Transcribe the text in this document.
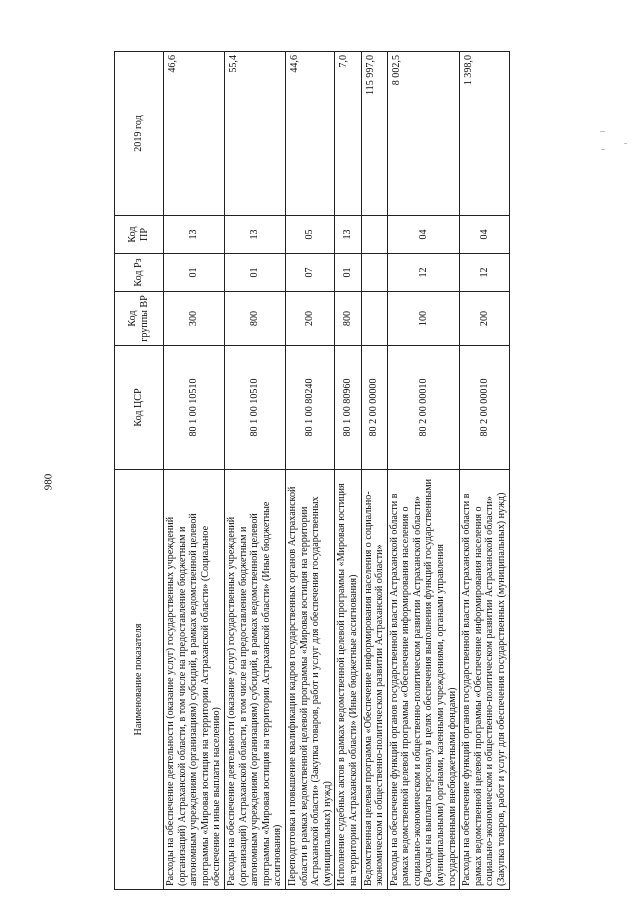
980
Наименование показателя	Код ЦСР	Код группы ВР	Код Рз	Код ПР	2019 год
Расходы на обеспечение деятельности (оказание услуг) государственных учреждений (организаций) Астраханской области, в том числе на предоставление бюджетным и автономным учреждениям (организациям) субсидий, в рамках ведомственной целевой программы «Мировая юстиция на территории Астраханской области» (Социальное обеспечение и иные выплаты населению)	80 1 00 10510	300	01	13	46,6
Расходы на обеспечение деятельности (оказание услуг) государственных учреждений (организаций) Астраханской области, в том числе на предоставление бюджетным и автономным учреждениям (организациям) субсидий, в рамках ведомственной целевой программы «Мировая юстиция на территории Астраханской области» (Иные бюджетные ассигнования)	80 1 00 10510	800	01	13	55,4
Переподготовка и повышение квалификации кадров государственных органов Астраханской области в рамках ведомственной целевой программы «Мировая юстиция на территории Астраханской области» (Закупка товаров, работ и услуг для обеспечения государственных (муниципальных) нужд)	80 1 00 80240	200	07	05	44,6
Исполнение судебных актов в рамках ведомственной целевой программы «Мировая юстиция на территории Астраханской области» (Иные бюджетные ассигнования)	80 1 00 80960	800	01	13	7,0
Ведомственная целевая программа «Обеспечение информирования населения о социально-экономическом и общественно-политическом развитии Астраханской области»	80 2 00 00000				115 997,0
Расходы на обеспечение функций органов государственной власти Астраханской области в рамках ведомственной целевой программы «Обеспечение информирования населения о социально-экономическом и общественно-политическом развитии Астраханской области» (Расходы на выплаты персоналу в целях обеспечения выполнения функций государственными (муниципальными) органами, казенными учреждениями, органами управления государственными внебюджетными фондами)	80 2 00 00010	100	12	04	8 002,5
Расходы на обеспечение функций органов государственной власти Астраханской области в рамках ведомственной целевой программы «Обеспечение информирования населения о социально-экономическом и общественно-политическом развитии Астраханской области» (Закупка товаров, работ и услуг для обеспечения государственных (муниципальных) нужд)	80 2 00 00010	200	12	04	1 398,0
